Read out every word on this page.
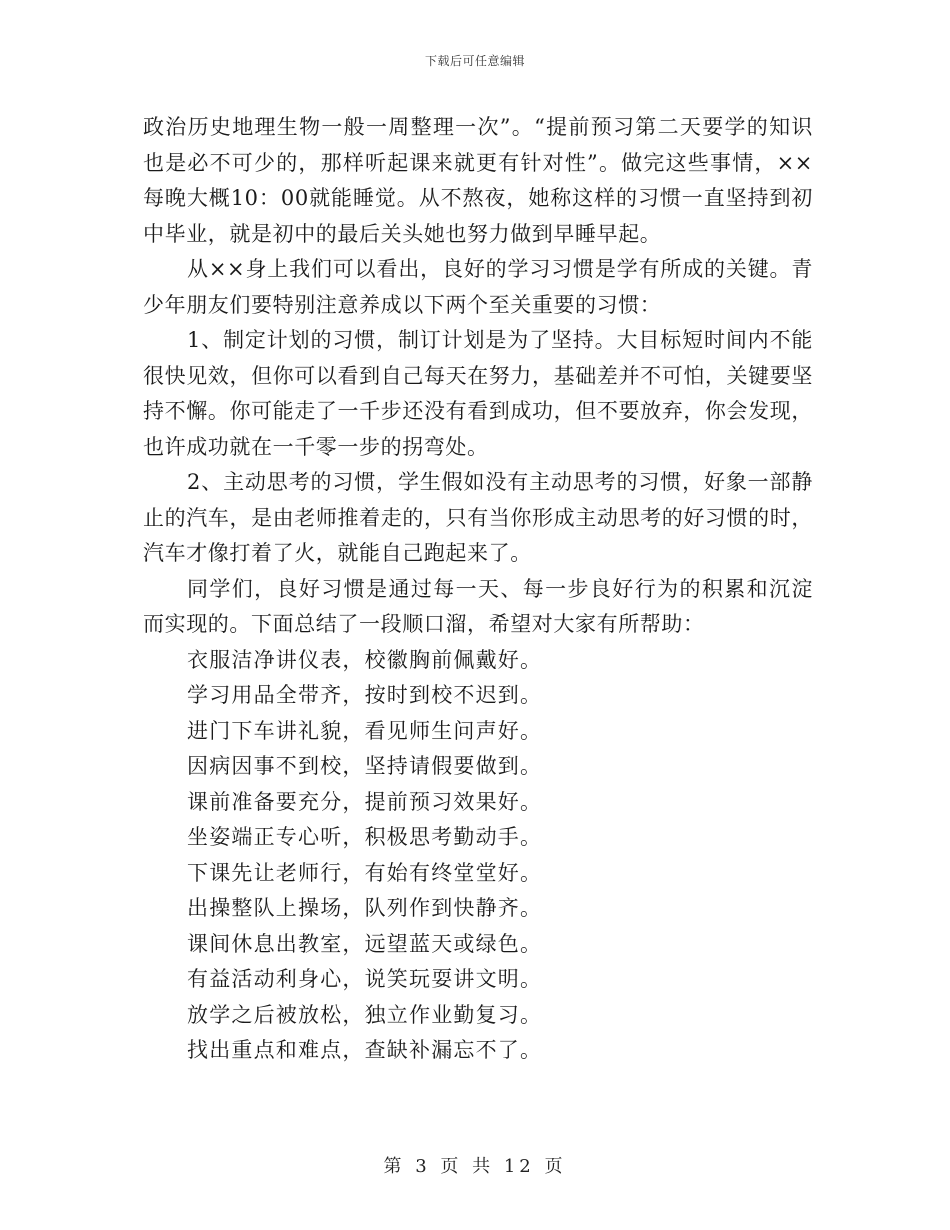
下载后可任意编辑

政治历史地理生物一般一周整理一次”。“提前预习第二天要学的知识也是必不可少的，那样听起课来就更有针对性”。做完这些事情，××每晚大概10：00就能睡觉。从不熬夜，她称这样的习惯一直坚持到初中毕业，就是初中的最后关头她也努力做到早睡早起。

从××身上我们可以看出，良好的学习习惯是学有所成的关键。青少年朋友们要特别注意养成以下两个至关重要的习惯：

1、制定计划的习惯，制订计划是为了坚持。大目标短时间内不能很快见效，但你可以看到自己每天在努力，基础差并不可怕，关键要坚持不懈。你可能走了一千步还没有看到成功，但不要放弃，你会发现，也许成功就在一千零一步的拐弯处。

2、主动思考的习惯，学生假如没有主动思考的习惯，好象一部静止的汽车，是由老师推着走的，只有当你形成主动思考的好习惯的时，汽车才像打着了火，就能自己跑起来了。

同学们，良好习惯是通过每一天、每一步良好行为的积累和沉淀而实现的。下面总结了一段顺口溜，希望对大家有所帮助：

衣服洁净讲仪表，校徽胸前佩戴好。
学习用品全带齐，按时到校不迟到。
进门下车讲礼貌，看见师生问声好。
因病因事不到校，坚持请假要做到。
课前准备要充分，提前预习效果好。
坐姿端正专心听，积极思考勤动手。
下课先让老师行，有始有终堂堂好。
出操整队上操场，队列作到快静齐。
课间休息出教室，远望蓝天或绿色。
有益活动利身心，说笑玩耍讲文明。
放学之后被放松，独立作业勤复习。
找出重点和难点，查缺补漏忘不了。
第 3 页 共 12 页
